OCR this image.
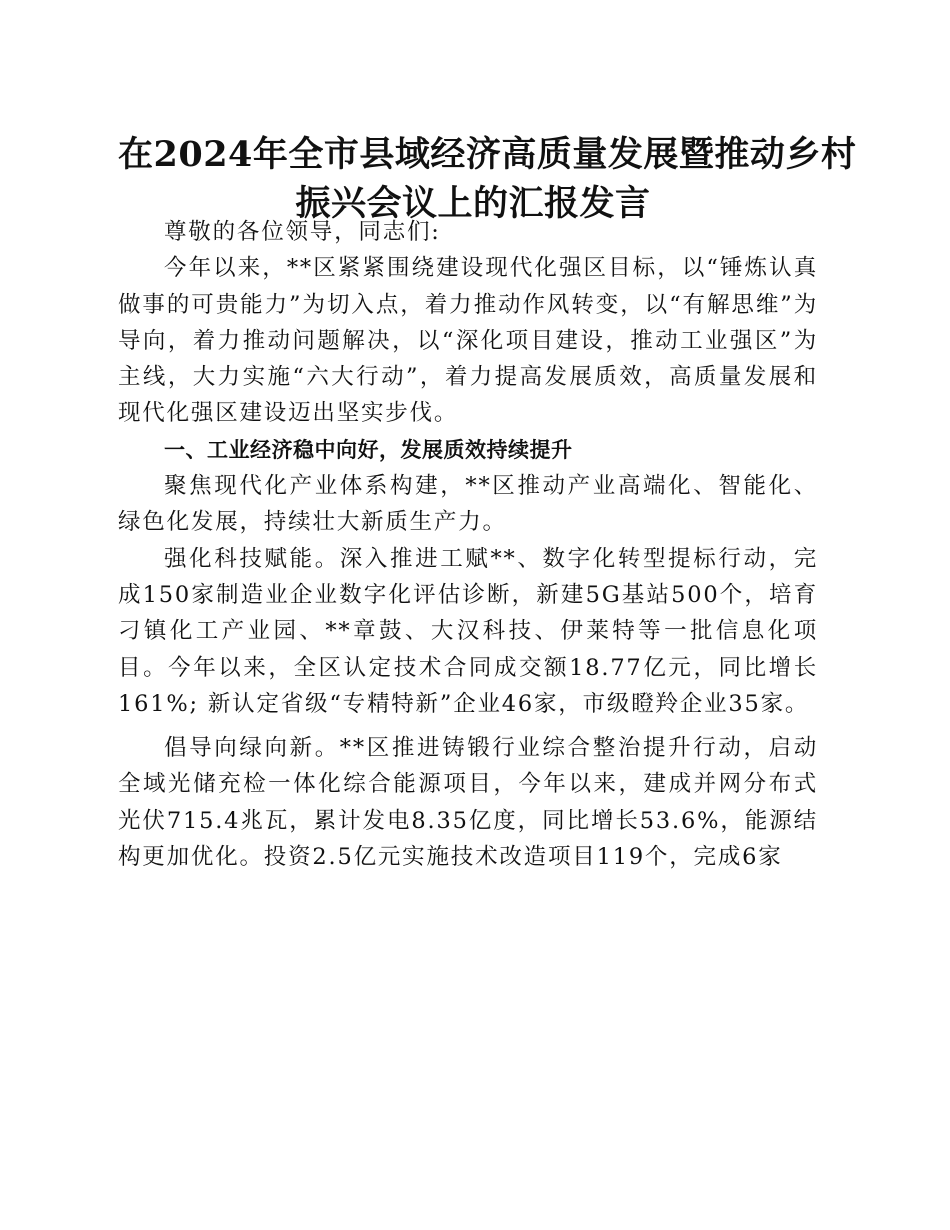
在2024年全市县域经济高质量发展暨推动乡村
振兴会议上的汇报发言

尊敬的各位领导，同志们:

今年以来，**区紧紧围绕建设现代化强区目标，以“锤炼认真做事的可贵能力”为切入点，着力推动作风转变，以“有解思维”为导向，着力推动问题解决，以“深化项目建设，推动工业强区”为主线，大力实施“六大行动”，着力提高发展质效，高质量发展和现代化强区建设迈出坚实步伐。

一、工业经济稳中向好，发展质效持续提升

聚焦现代化产业体系构建，**区推动产业高端化、智能化、绿色化发展，持续壮大新质生产力。

强化科技赋能。深入推进工赋**、数字化转型提标行动，完成150家制造业企业数字化评估诊断，新建5G基站500个，培育刁镇化工产业园、**章鼓、大汉科技、伊莱特等一批信息化项目。今年以来，全区认定技术合同成交额18.77亿元，同比增长161%; 新认定省级“专精特新”企业46家，市级瞪羚企业35家。

倡导向绿向新。**区推进铸锻行业综合整治提升行动，启动全域光储充检一体化综合能源项目，今年以来，建成并网分布式光伏715.4兆瓦，累计发电8.35亿度，同比增长53.6%，能源结构更加优化。投资2.5亿元实施技术改造项目119个，完成6家
